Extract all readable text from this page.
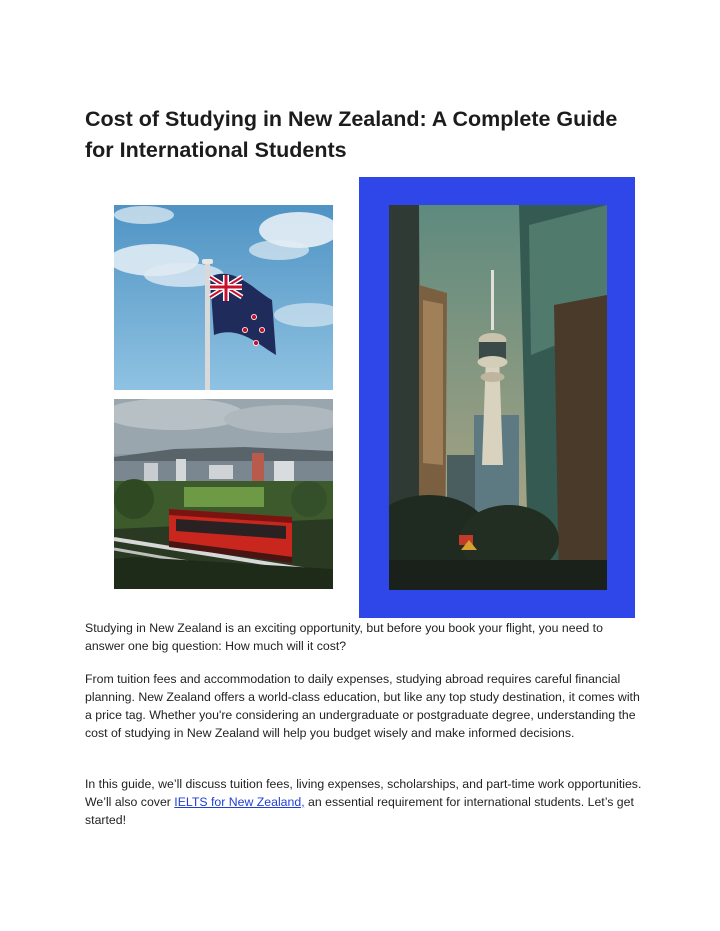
Cost of Studying in New Zealand: A Complete Guide for International Students

Studying in New Zealand is an exciting opportunity, but before you book your flight, you need to answer one big question: How much will it cost?

From tuition fees and accommodation to daily expenses, studying abroad requires careful financial planning. New Zealand offers a world-class education, but like any top study destination, it comes with a price tag. Whether you're considering an undergraduate or postgraduate degree, understanding the cost of studying in New Zealand will help you budget wisely and make informed decisions.

In this guide, we’ll discuss tuition fees, living expenses, scholarships, and part-time work opportunities. We’ll also cover IELTS for New Zealand, an essential requirement for international students. Let’s get started!
